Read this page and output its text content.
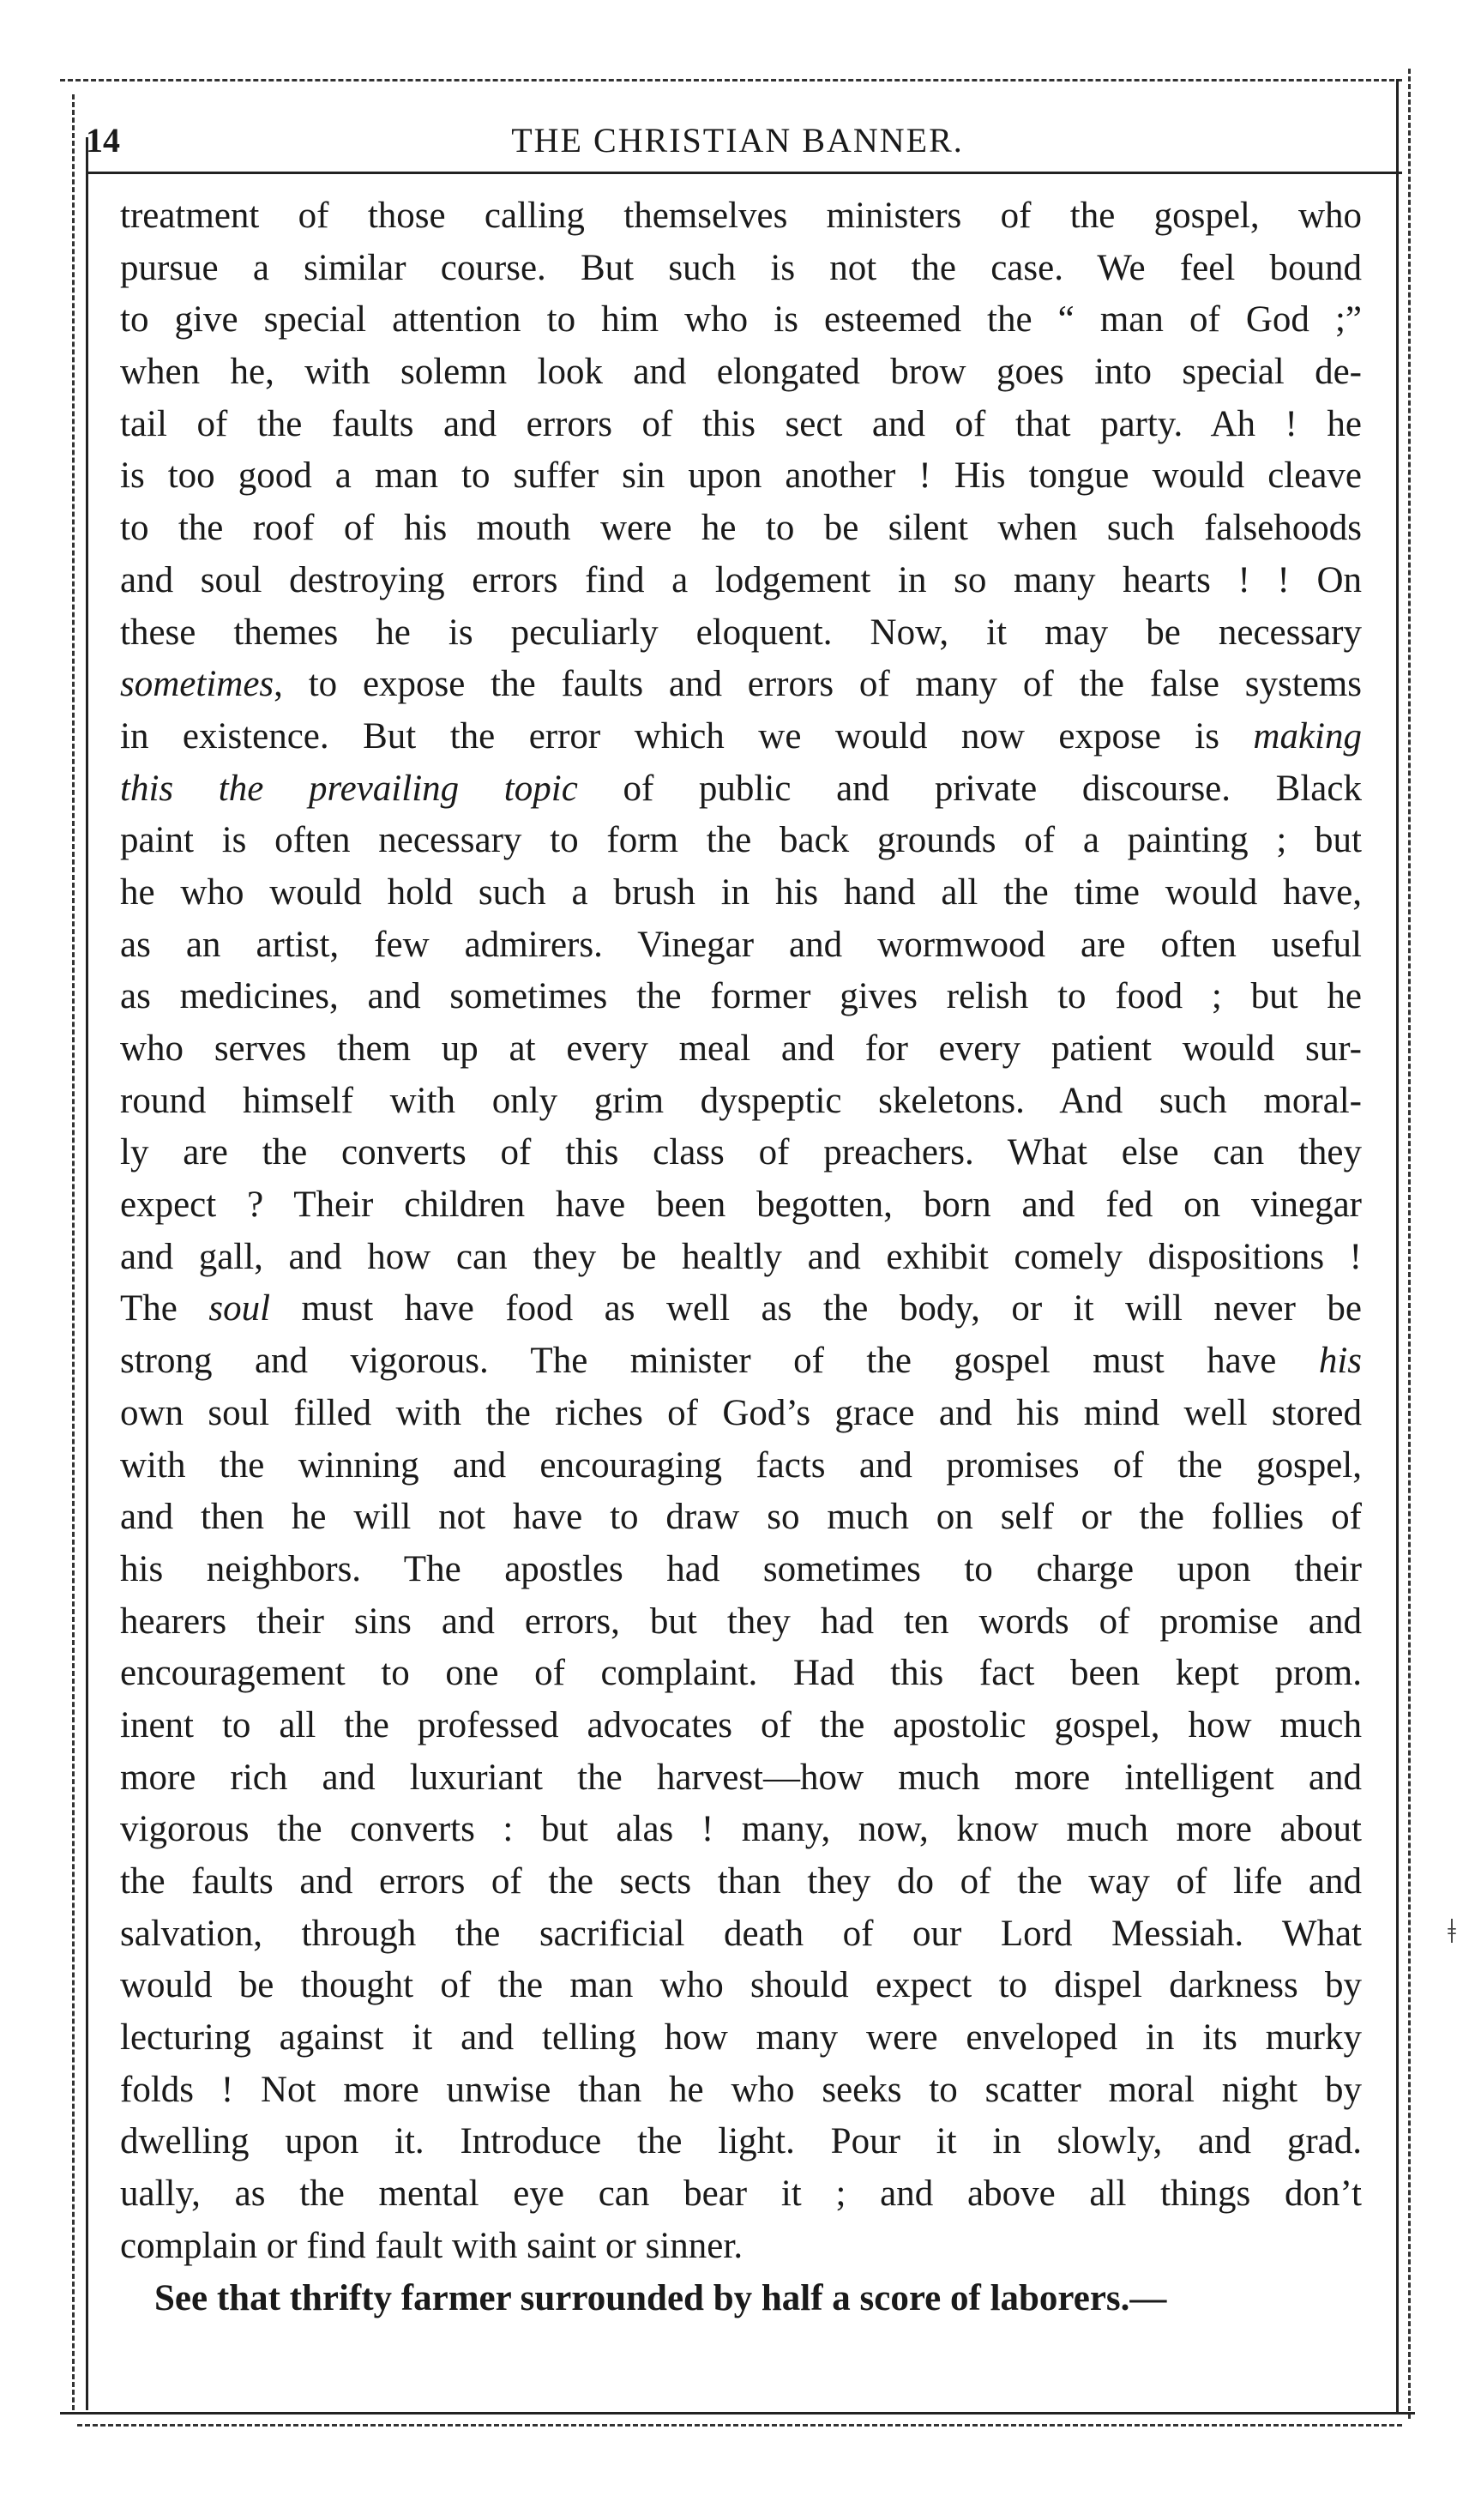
14	THE CHRISTIAN BANNER.
treatment of those calling themselves ministers of the gospel, who
pursue a similar course. But such is not the case. We feel bound
to give special attention to him who is esteemed the “ man of God ;”
when he, with solemn look and elongated brow goes into special de-
tail of the faults and errors of this sect and of that party. Ah ! he
is too good a man to suffer sin upon another ! His tongue would cleave
to the roof of his mouth were he to be silent when such falsehoods
and soul destroying errors find a lodgement in so many hearts ! ! On
these themes he is peculiarly eloquent. Now, it may be necessary
sometimes, to expose the faults and errors of many of the false systems
in existence. But the error which we would now expose is making
this the prevailing topic of public and private discourse. Black
paint is often necessary to form the back grounds of a painting ; but
he who would hold such a brush in his hand all the time would have,
as an artist, few admirers. Vinegar and wormwood are often useful
as medicines, and sometimes the former gives relish to food ; but he
who serves them up at every meal and for every patient would sur-
round himself with only grim dyspeptic skeletons. And such moral-
ly are the converts of this class of preachers. What else can they
expect ? Their children have been begotten, born and fed on vinegar
and gall, and how can they be healtly and exhibit comely dispositions !
The soul must have food as well as the body, or it will never be
strong and vigorous. The minister of the gospel must have his
own soul filled with the riches of God’s grace and his mind well stored
with the winning and encouraging facts and promises of the gospel,
and then he will not have to draw so much on self or the follies of
his neighbors. The apostles had sometimes to charge upon their
hearers their sins and errors, but they had ten words of promise and
encouragement to one of complaint. Had this fact been kept prom.
inent to all the professed advocates of the apostolic gospel, how much
more rich and luxuriant the harvest—how much more intelligent and
vigorous the converts : but alas ! many, now, know much more about
the faults and errors of the sects than they do of the way of life and
salvation, through the sacrificial death of our Lord Messiah. What
would be thought of the man who should expect to dispel darkness by
lecturing against it and telling how many were enveloped in its murky
folds ! Not more unwise than he who seeks to scatter moral night by
dwelling upon it. Introduce the light. Pour it in slowly, and grad.
ually, as the mental eye can bear it ; and above all things don’t
complain or find fault with saint or sinner.
See that thrifty farmer surrounded by half a score of laborers.—
ǂ
